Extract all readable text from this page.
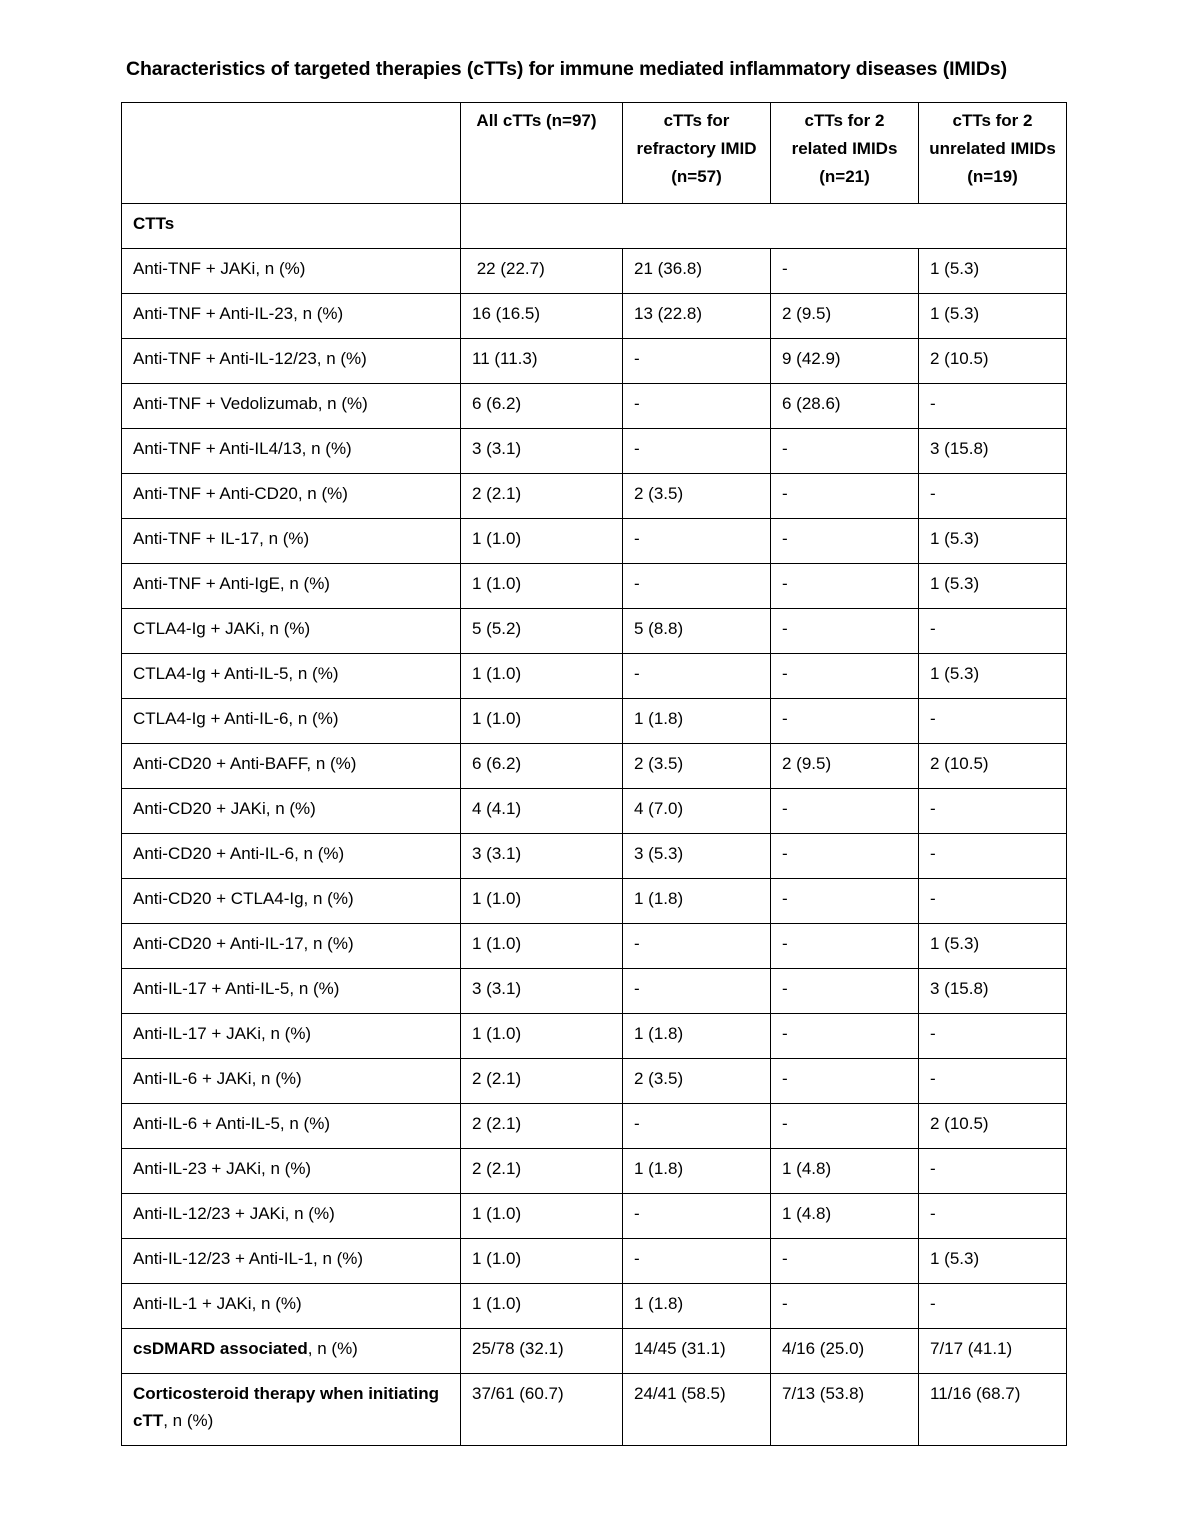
Characteristics of targeted therapies (cTTs) for immune mediated inflammatory diseases (IMIDs)
	All cTTs (n=97)	cTTs for refractory IMID (n=57)	cTTs for 2 related IMIDs (n=21)	cTTs for 2 unrelated IMIDs (n=19)
CTTs				
Anti-TNF + JAKi, n (%)	22 (22.7)	21 (36.8)	-	1 (5.3)
Anti-TNF + Anti-IL-23, n (%)	16 (16.5)	13 (22.8)	2 (9.5)	1 (5.3)
Anti-TNF + Anti-IL-12/23, n (%)	11 (11.3)	-	9 (42.9)	2 (10.5)
Anti-TNF + Vedolizumab, n (%)	6 (6.2)	-	6 (28.6)	-
Anti-TNF + Anti-IL4/13, n (%)	3 (3.1)	-	-	3 (15.8)
Anti-TNF + Anti-CD20, n (%)	2 (2.1)	2 (3.5)	-	-
Anti-TNF + IL-17, n (%)	1 (1.0)	-	-	1 (5.3)
Anti-TNF + Anti-IgE, n (%)	1 (1.0)	-	-	1 (5.3)
CTLA4-Ig + JAKi, n (%)	5 (5.2)	5 (8.8)	-	-
CTLA4-Ig + Anti-IL-5, n (%)	1 (1.0)	-	-	1 (5.3)
CTLA4-Ig + Anti-IL-6, n (%)	1 (1.0)	1 (1.8)	-	-
Anti-CD20 + Anti-BAFF, n (%)	6 (6.2)	2 (3.5)	2 (9.5)	2 (10.5)
Anti-CD20 + JAKi, n (%)	4 (4.1)	4 (7.0)	-	-
Anti-CD20 + Anti-IL-6, n (%)	3 (3.1)	3 (5.3)	-	-
Anti-CD20 + CTLA4-Ig, n (%)	1 (1.0)	1 (1.8)	-	-
Anti-CD20 + Anti-IL-17, n (%)	1 (1.0)	-	-	1 (5.3)
Anti-IL-17 + Anti-IL-5, n (%)	3 (3.1)	-	-	3 (15.8)
Anti-IL-17 + JAKi, n (%)	1 (1.0)	1 (1.8)	-	-
Anti-IL-6 + JAKi, n (%)	2 (2.1)	2 (3.5)	-	-
Anti-IL-6 + Anti-IL-5, n (%)	2 (2.1)	-	-	2 (10.5)
Anti-IL-23 + JAKi, n (%)	2 (2.1)	1 (1.8)	1 (4.8)	-
Anti-IL-12/23 + JAKi, n (%)	1 (1.0)	-	1 (4.8)	-
Anti-IL-12/23 + Anti-IL-1, n (%)	1 (1.0)	-	-	1 (5.3)
Anti-IL-1 + JAKi, n (%)	1 (1.0)	1 (1.8)	-	-
csDMARD associated, n (%)	25/78 (32.1)	14/45 (31.1)	4/16 (25.0)	7/17 (41.1)
Corticosteroid therapy when initiating cTT, n (%)	37/61 (60.7)	24/41 (58.5)	7/13 (53.8)	11/16 (68.7)
